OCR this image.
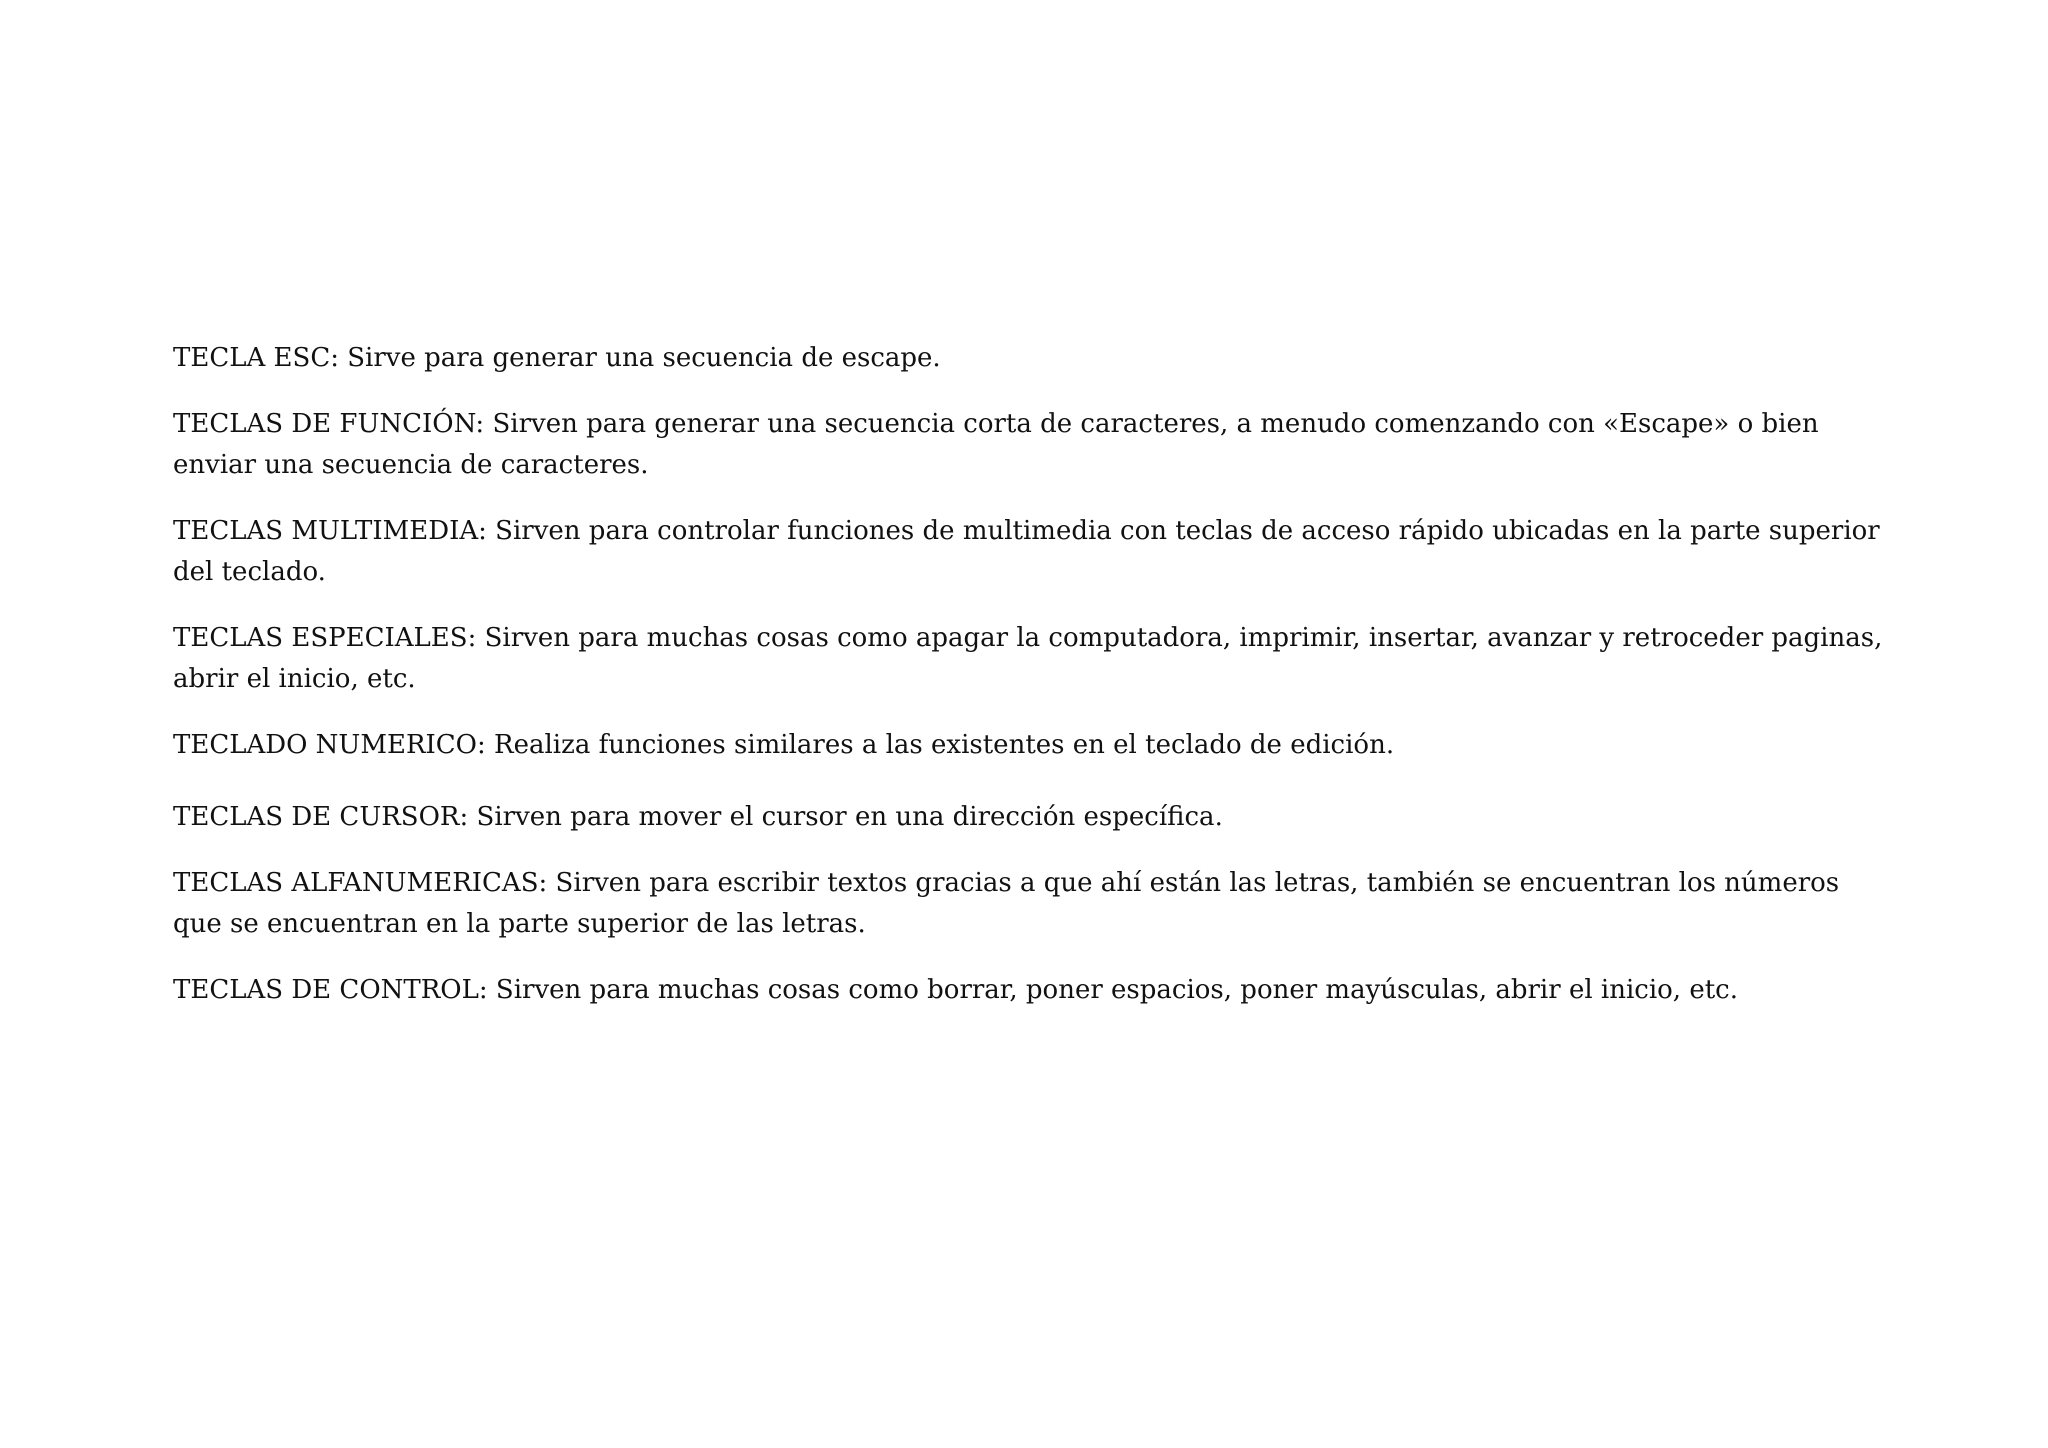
TECLA ESC: Sirve para generar una secuencia de escape.

TECLAS DE FUNCIÓN: Sirven para generar una secuencia corta de caracteres, a menudo comenzando con «Escape» o bien enviar una secuencia de caracteres.

TECLAS MULTIMEDIA: Sirven para controlar funciones de multimedia con teclas de acceso rápido ubicadas en la parte superior del teclado.

TECLAS ESPECIALES: Sirven para muchas cosas como apagar la computadora, imprimir, insertar, avanzar y retroceder paginas, abrir el inicio, etc.

TECLADO NUMERICO: Realiza funciones similares a las existentes en el teclado de edición.

TECLAS DE CURSOR: Sirven para mover el cursor en una dirección específica.

TECLAS ALFANUMERICAS: Sirven para escribir textos gracias a que ahí están las letras, también se encuentran los números que se encuentran en la parte superior de las letras.

TECLAS DE CONTROL: Sirven para muchas cosas como borrar, poner espacios, poner mayúsculas, abrir el inicio, etc.
